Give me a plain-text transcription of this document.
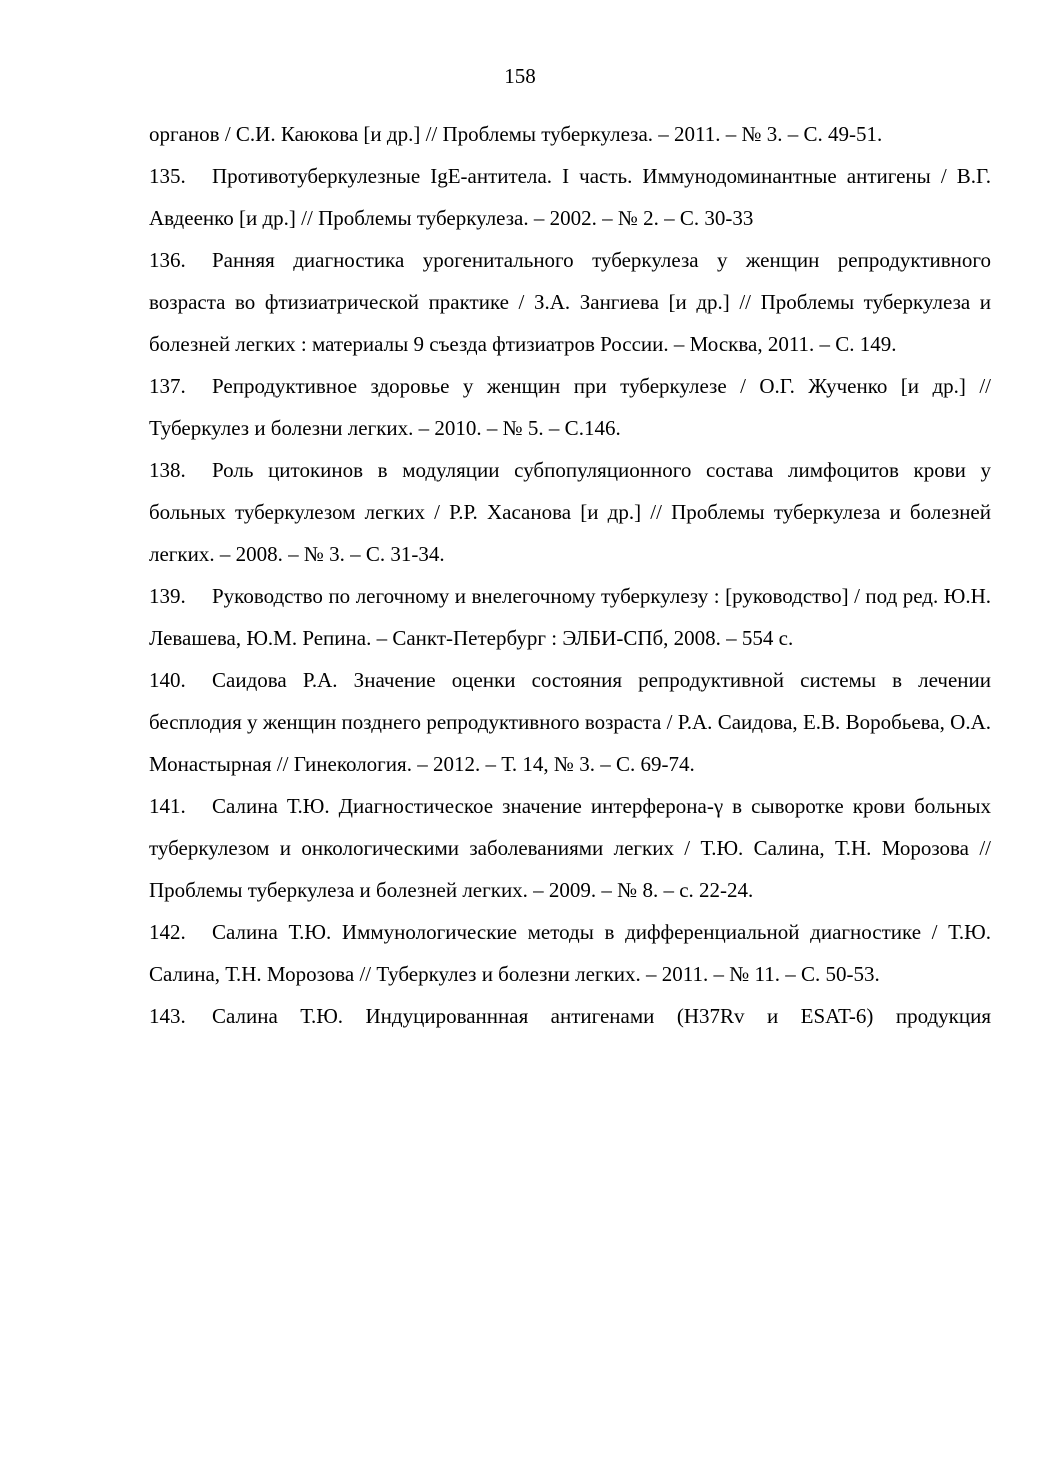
158

органов / С.И. Каюкова [и др.] // Проблемы туберкулеза. – 2011. – № 3. – С. 49-51.

135. Противотуберкулезные IgE-антитела. I часть. Иммунодоминантные антигены / В.Г. Авдеенко [и др.] // Проблемы туберкулеза. – 2002. – № 2. – С. 30-33

136. Ранняя диагностика урогенитального туберкулеза у женщин репродуктивного возраста во фтизиатрической практике / З.А. Зангиева [и др.] // Проблемы туберкулеза и болезней легких : материалы 9 съезда фтизиатров России. – Москва, 2011. – С. 149.

137. Репродуктивное здоровье у женщин при туберкулезе / О.Г. Жученко [и др.] // Туберкулез и болезни легких. – 2010. – № 5. – С.146.

138. Роль цитокинов в модуляции субпопуляционного состава лимфоцитов крови у больных туберкулезом легких / Р.Р. Хасанова [и др.] // Проблемы туберкулеза и болезней легких. – 2008. – № 3. – С. 31-34.

139. Руководство по легочному и внелегочному туберкулезу : [руководство] / под ред. Ю.Н. Левашева, Ю.М. Репина. – Санкт-Петербург : ЭЛБИ-СПб, 2008. – 554 с.

140. Саидова Р.А. Значение оценки состояния репродуктивной системы в лечении бесплодия у женщин позднего репродуктивного возраста / Р.А. Саидова, Е.В. Воробьева, О.А. Монастырная // Гинекология. – 2012. – Т. 14, № 3. – С. 69-74.

141. Салина Т.Ю. Диагностическое значение интерферона-γ в сыворотке крови больных туберкулезом и онкологическими заболеваниями легких / Т.Ю. Салина, Т.Н. Морозова // Проблемы туберкулеза и болезней легких. – 2009. – № 8. – с. 22-24.

142. Салина Т.Ю. Иммунологические методы в дифференциальной диагностике / Т.Ю. Салина, Т.Н. Морозова // Туберкулез и болезни легких. – 2011. – № 11. – С. 50-53.

143. Салина Т.Ю. Индуцированнная антигенами (H37Rv и ESAT-6) продукция
